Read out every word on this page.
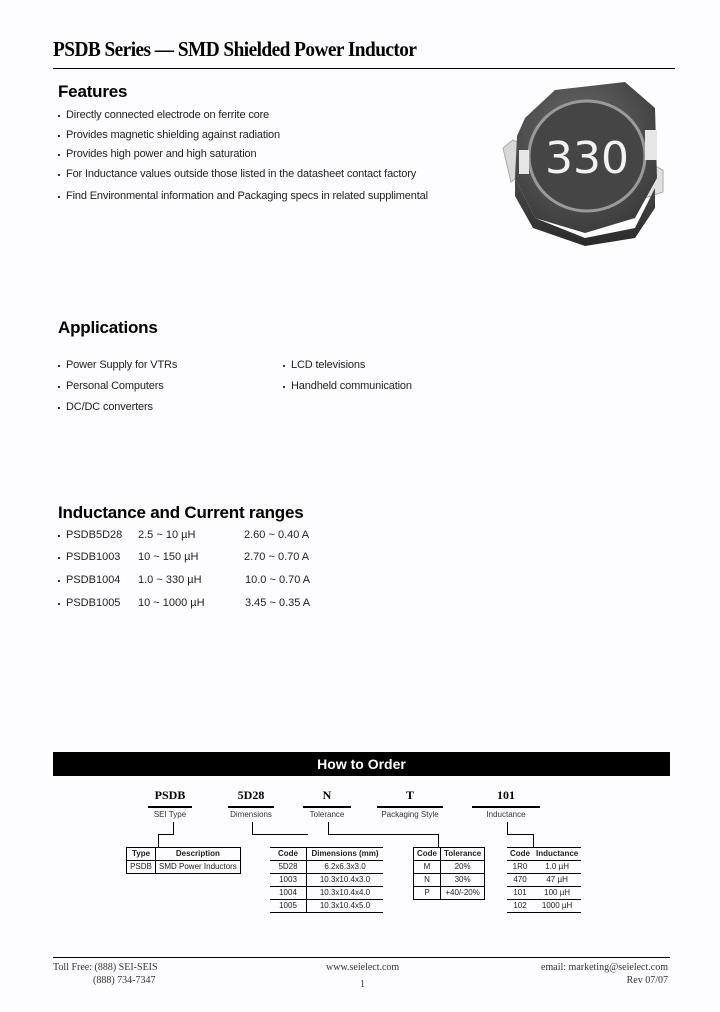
PSDB Series — SMD Shielded Power Inductor
Features
Directly connected electrode on ferrite core
Provides magnetic shielding against radiation
Provides high power and high saturation
For Inductance values outside those listed in the datasheet contact factory
Find Environmental information and Packaging specs in related supplimental
330
Applications
Power Supply for VTRs
Personal Computers
DC/DC converters
LCD televisions
Handheld communication
Inductance and Current ranges
PSDB5D28 2.5 ~ 10 µH	2.60 ~ 0.40 A
PSDB1003 10 ~ 150 µH	2.70 ~ 0.70 A
PSDB1004 1.0 ~ 330 µH	10.0 ~ 0.70 A
PSDB1005 10 ~ 1000 µH	3.45 ~ 0.35 A
How to Order
PSDB
SEI Type
5D28
Dimensions
N
Tolerance
T
Packaging Style
101
Inductance
Type	Description
PSDB	SMD Power Inductors
Code	Dimensions (mm)
5D28	6.2x6.3x3.0
1003	10.3x10.4x3.0
1004	10.3x10.4x4.0
1005	10.3x10.4x5.0
Code	Tolerance
M	20%
N	30%
P	+40/-20%
Code	Inductance
1R0	1.0 µH
470	47 µH
101	100 µH
102	1000 µH
Toll Free: (888) SEI-SEIS
(888) 734-7347
www.seielect.com
1
email: marketing@seielect.com
Rev 07/07
